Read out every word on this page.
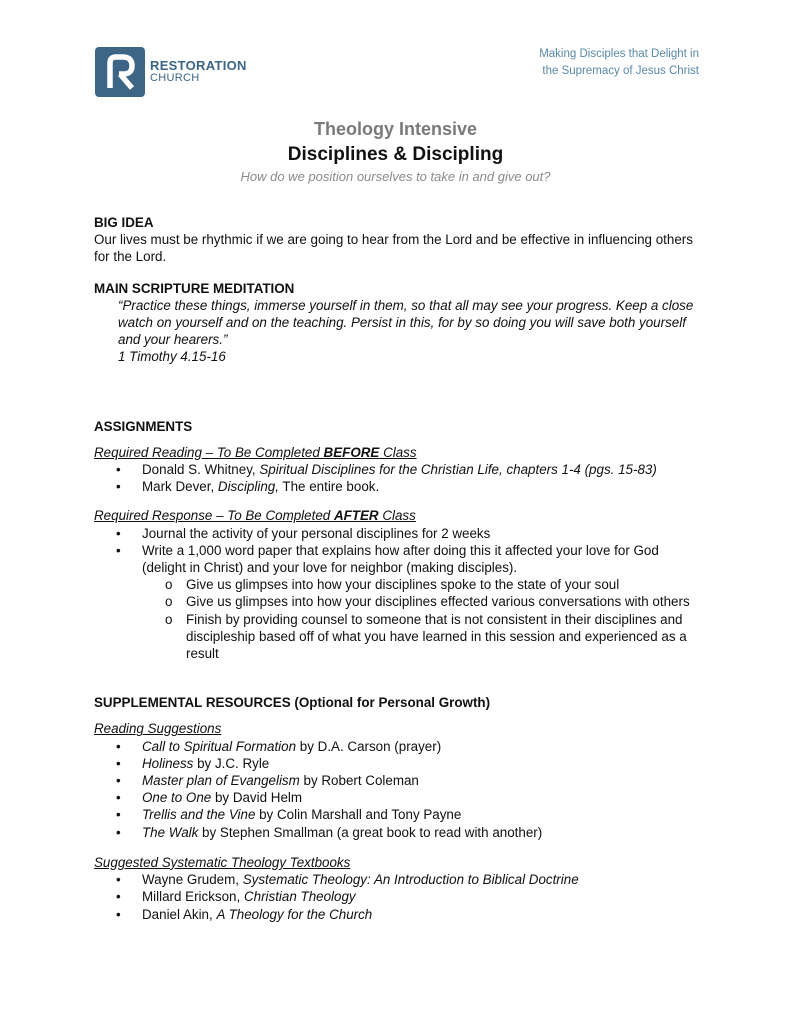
RESTORATION
CHURCH
Making Disciples that Delight in
the Supremacy of Jesus Christ
Theology Intensive
Disciplines & Discipling
How do we position ourselves to take in and give out?

BIG IDEA

Our lives must be rhythmic if we are going to hear from the Lord and be effective in influencing others for the Lord.

MAIN SCRIPTURE MEDITATION

“Practice these things, immerse yourself in them, so that all may see your progress. Keep a close watch on yourself and on the teaching. Persist in this, for by so doing you will save both yourself and your hearers.”

1 Timothy 4.15-16

ASSIGNMENTS

Required Reading – To Be Completed BEFORE Class

• Donald S. Whitney, Spiritual Disciplines for the Christian Life, chapters 1-4 (pgs. 15-83)
• Mark Dever, Discipling, The entire book.

Required Response – To Be Completed AFTER Class

• Journal the activity of your personal disciplines for 2 weeks
• Write a 1,000 word paper that explains how after doing this it affected your love for God (delight in Christ) and your love for neighbor (making disciples).
o Give us glimpses into how your disciplines spoke to the state of your soul
o Give us glimpses into how your disciplines effected various conversations with others
o Finish by providing counsel to someone that is not consistent in their disciplines and discipleship based off of what you have learned in this session and experienced as a result

SUPPLEMENTAL RESOURCES (Optional for Personal Growth)

Reading Suggestions

• Call to Spiritual Formation by D.A. Carson (prayer)
• Holiness by J.C. Ryle
• Master plan of Evangelism by Robert Coleman
• One to One by David Helm
• Trellis and the Vine by Colin Marshall and Tony Payne
• The Walk by Stephen Smallman (a great book to read with another)

Suggested Systematic Theology Textbooks

• Wayne Grudem, Systematic Theology: An Introduction to Biblical Doctrine
• Millard Erickson, Christian Theology
• Daniel Akin, A Theology for the Church
